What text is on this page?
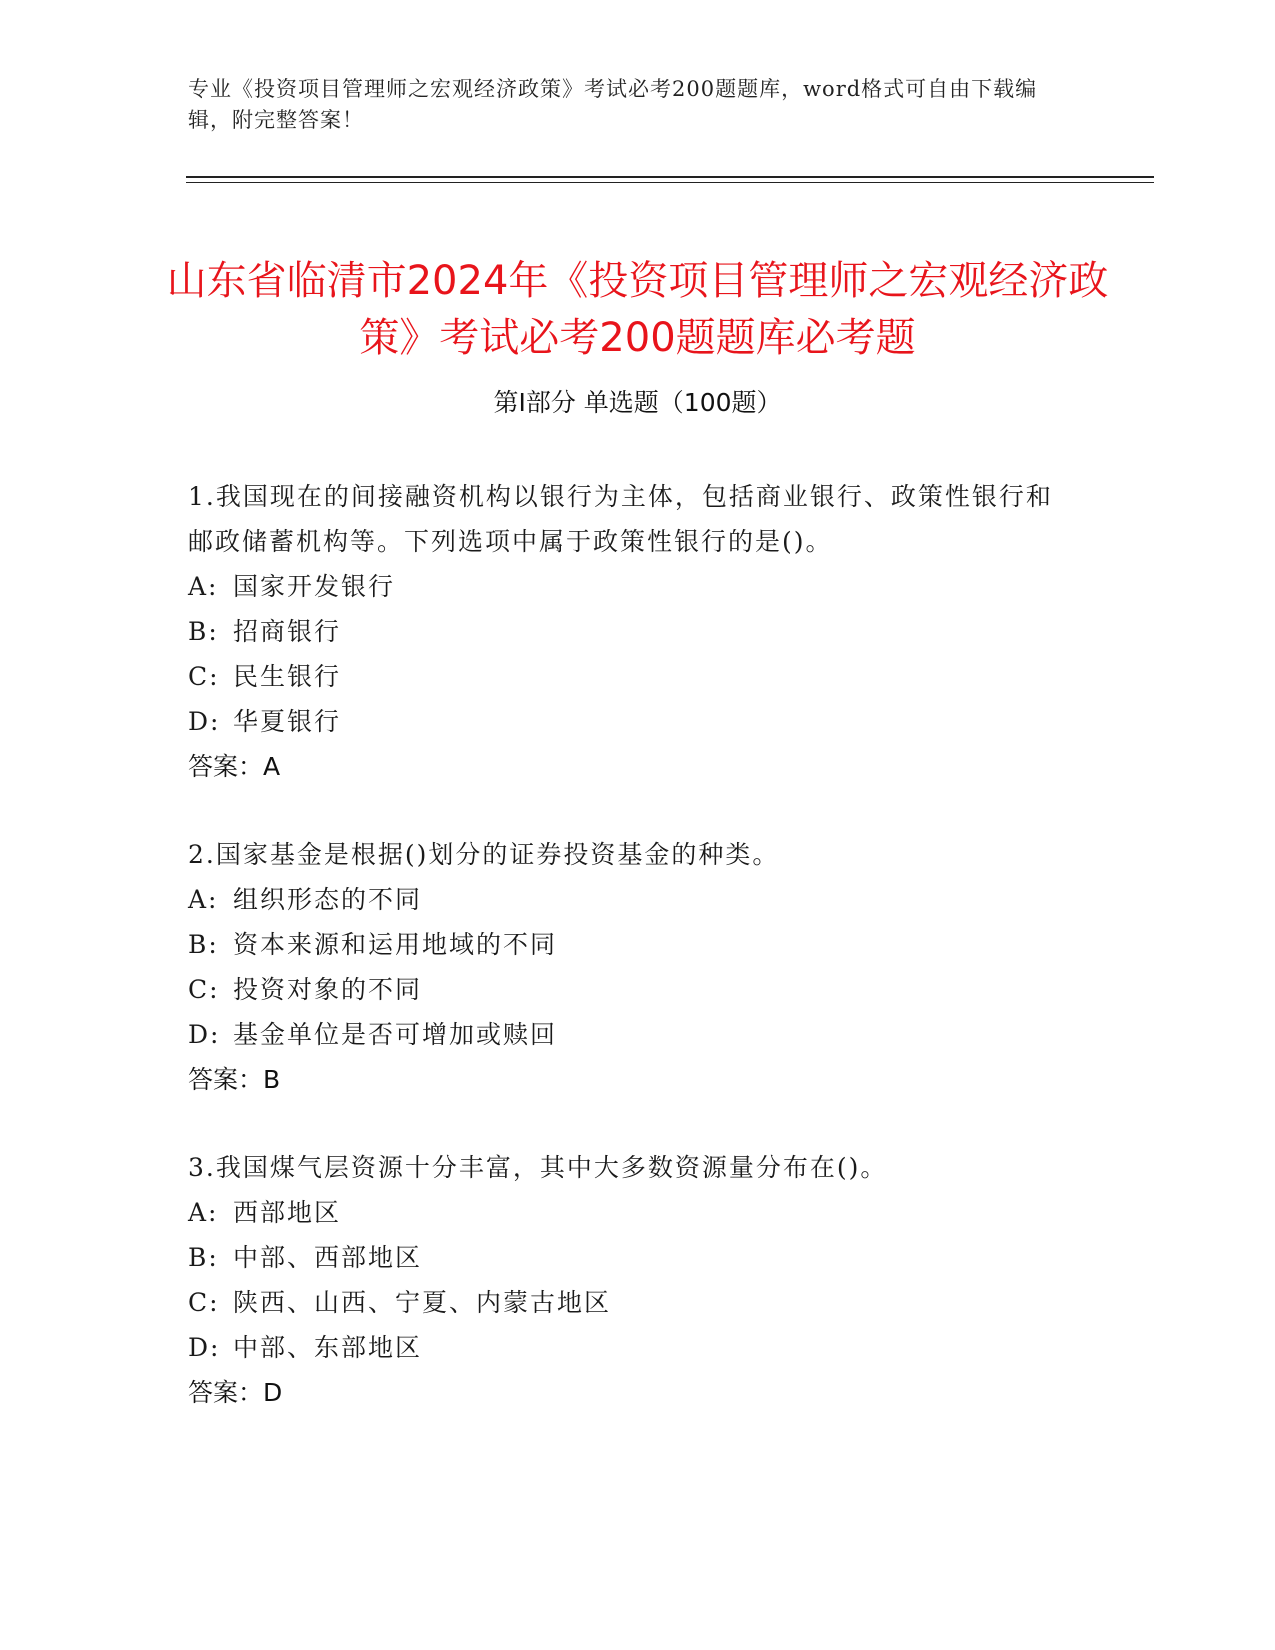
专业《投资项目管理师之宏观经济政策》考试必考200题题库，word格式可自由下载编辑，附完整答案！
山东省临清市2024年《投资项目管理师之宏观经济政策》考试必考200题题库必考题
第Ⅰ部分 单选题（100题）

1.我国现在的间接融资机构以银行为主体，包括商业银行、政策性银行和邮政储蓄机构等。下列选项中属于政策性银行的是()。

A: 国家开发银行

B: 招商银行

C: 民生银行

D: 华夏银行

答案：A

2.国家基金是根据()划分的证券投资基金的种类。

A: 组织形态的不同

B: 资本来源和运用地域的不同

C: 投资对象的不同

D: 基金单位是否可增加或赎回

答案：B

3.我国煤气层资源十分丰富，其中大多数资源量分布在()。

A: 西部地区

B: 中部、西部地区

C: 陕西、山西、宁夏、内蒙古地区

D: 中部、东部地区

答案：D
